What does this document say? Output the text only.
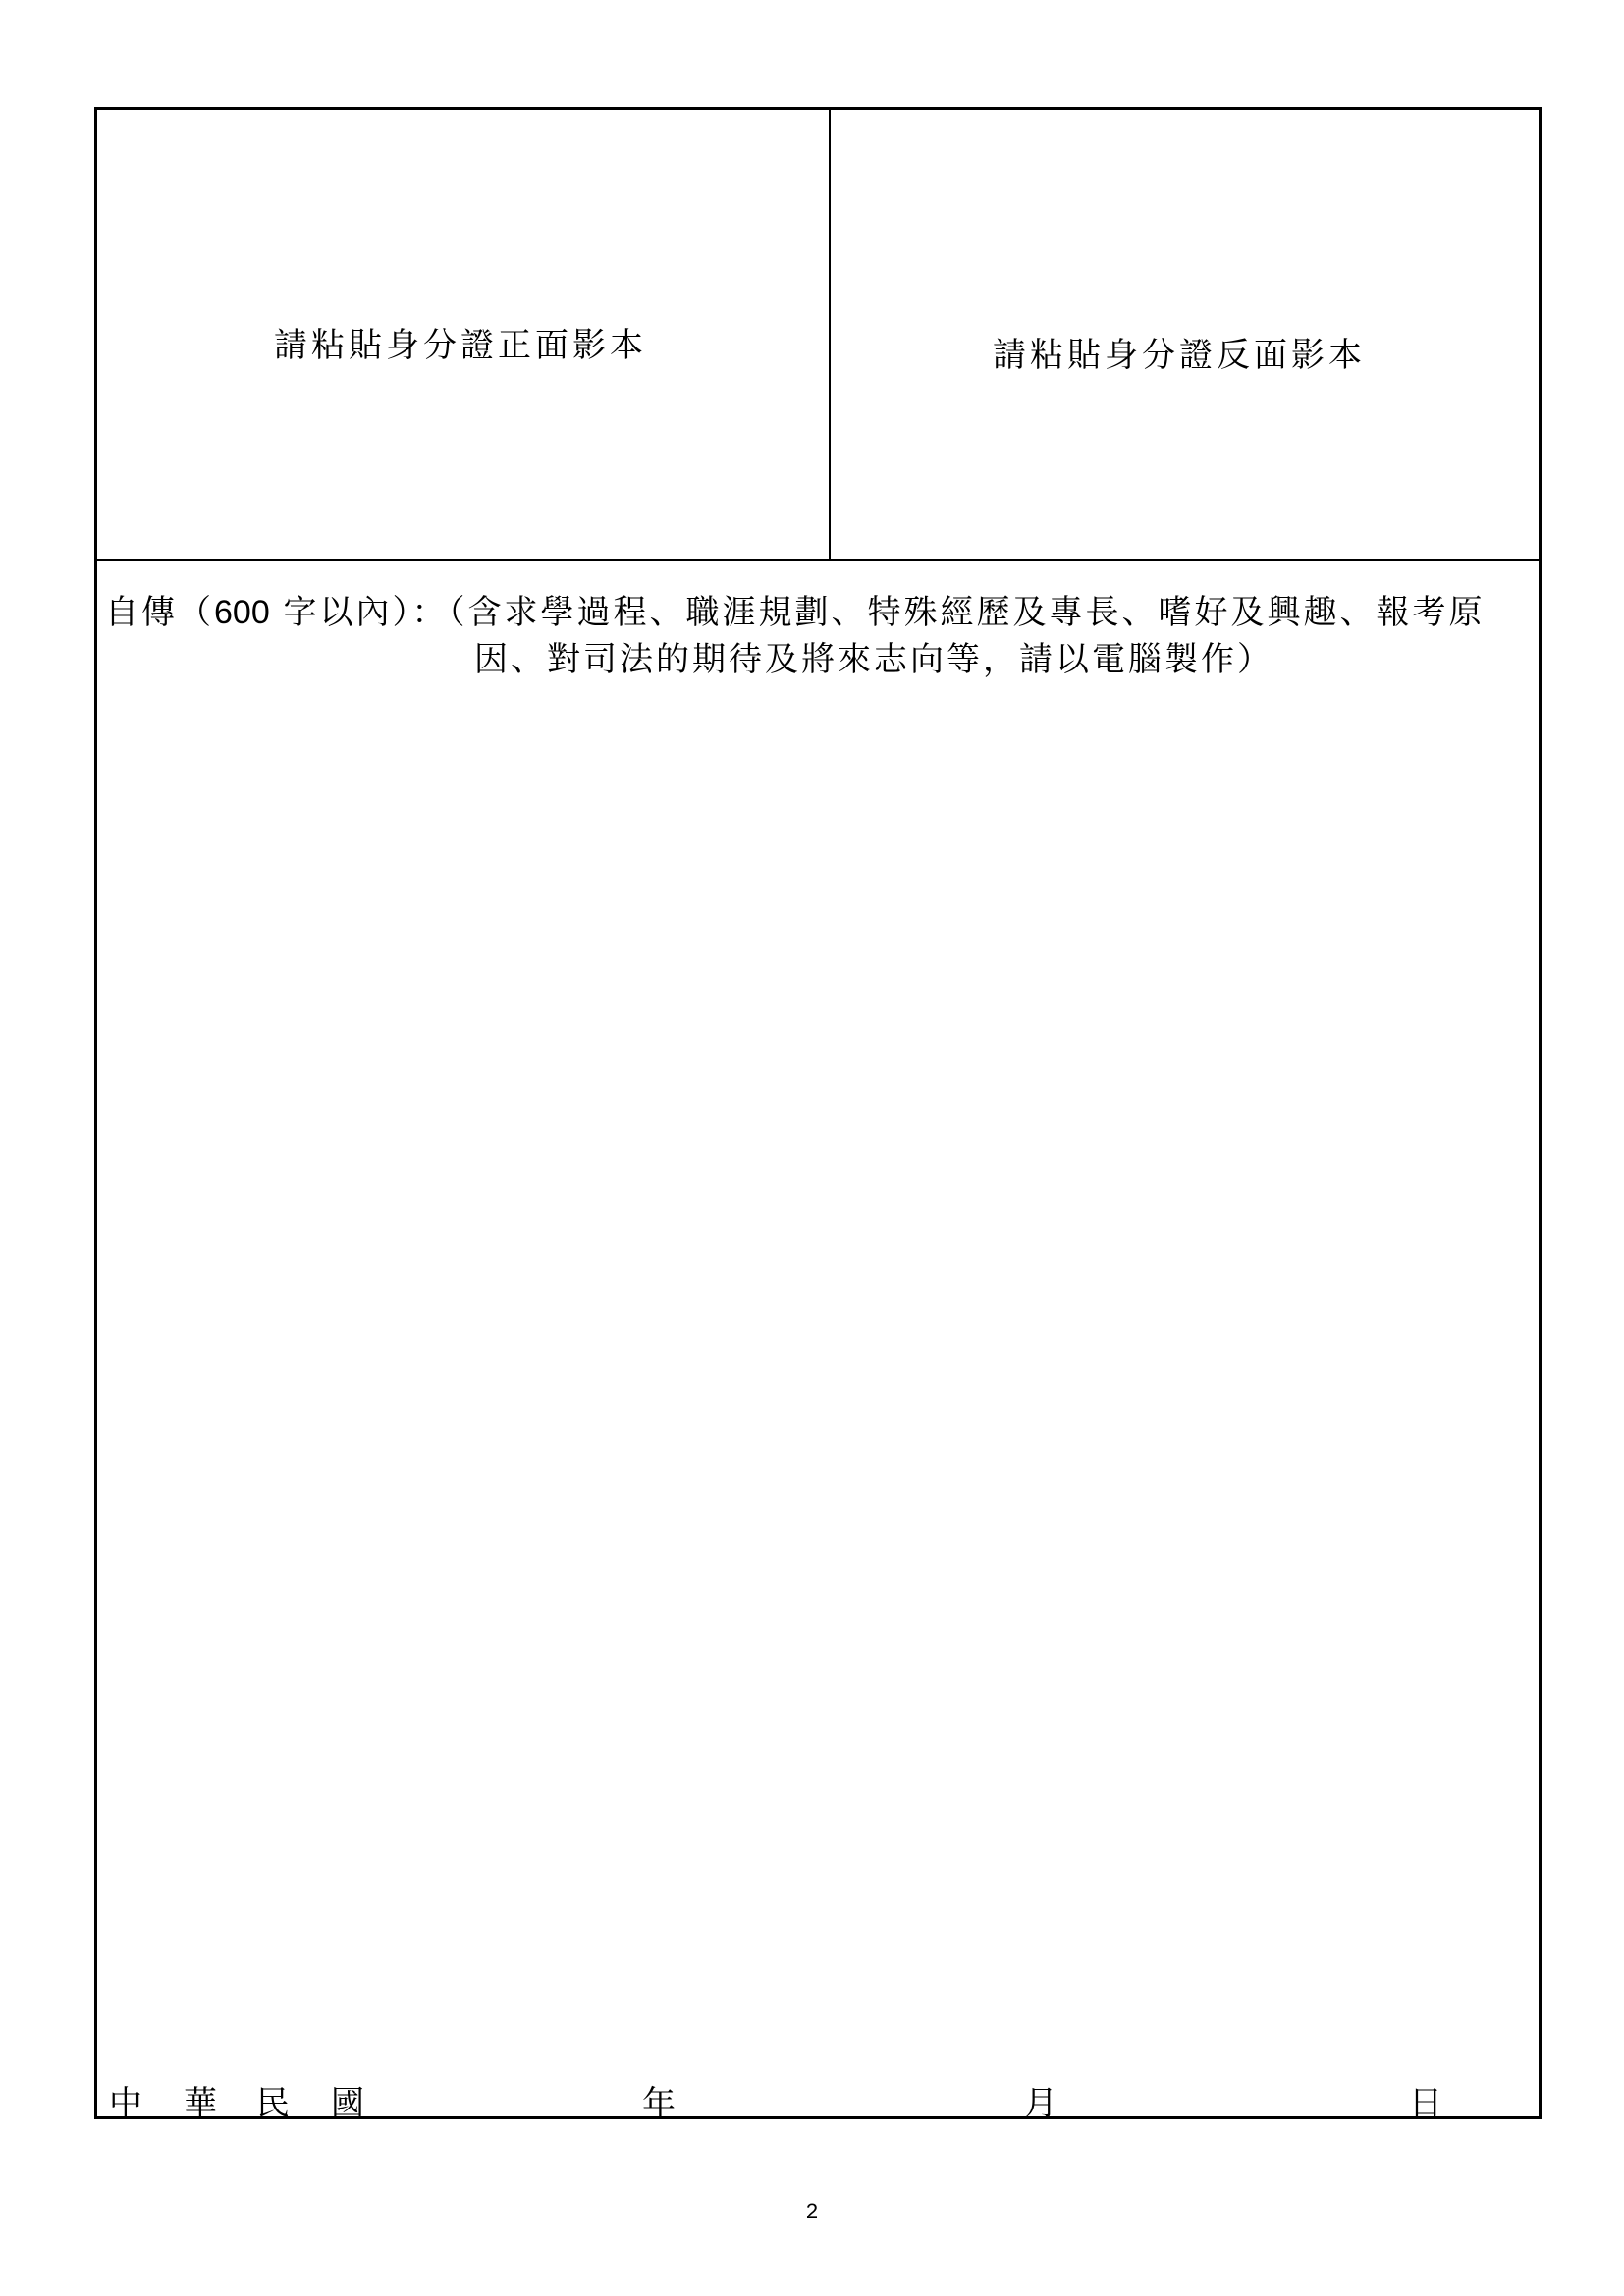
請粘貼身分證正面影本	請粘貼身分證反面影本
自傳（600 字以內）：（含求學過程、職涯規劃、特殊經歷及專長、嗜好及興趣、報考原
因、對司法的期待及將來志向等，請以電腦製作）
中 華 民 國	年	月	日
2
